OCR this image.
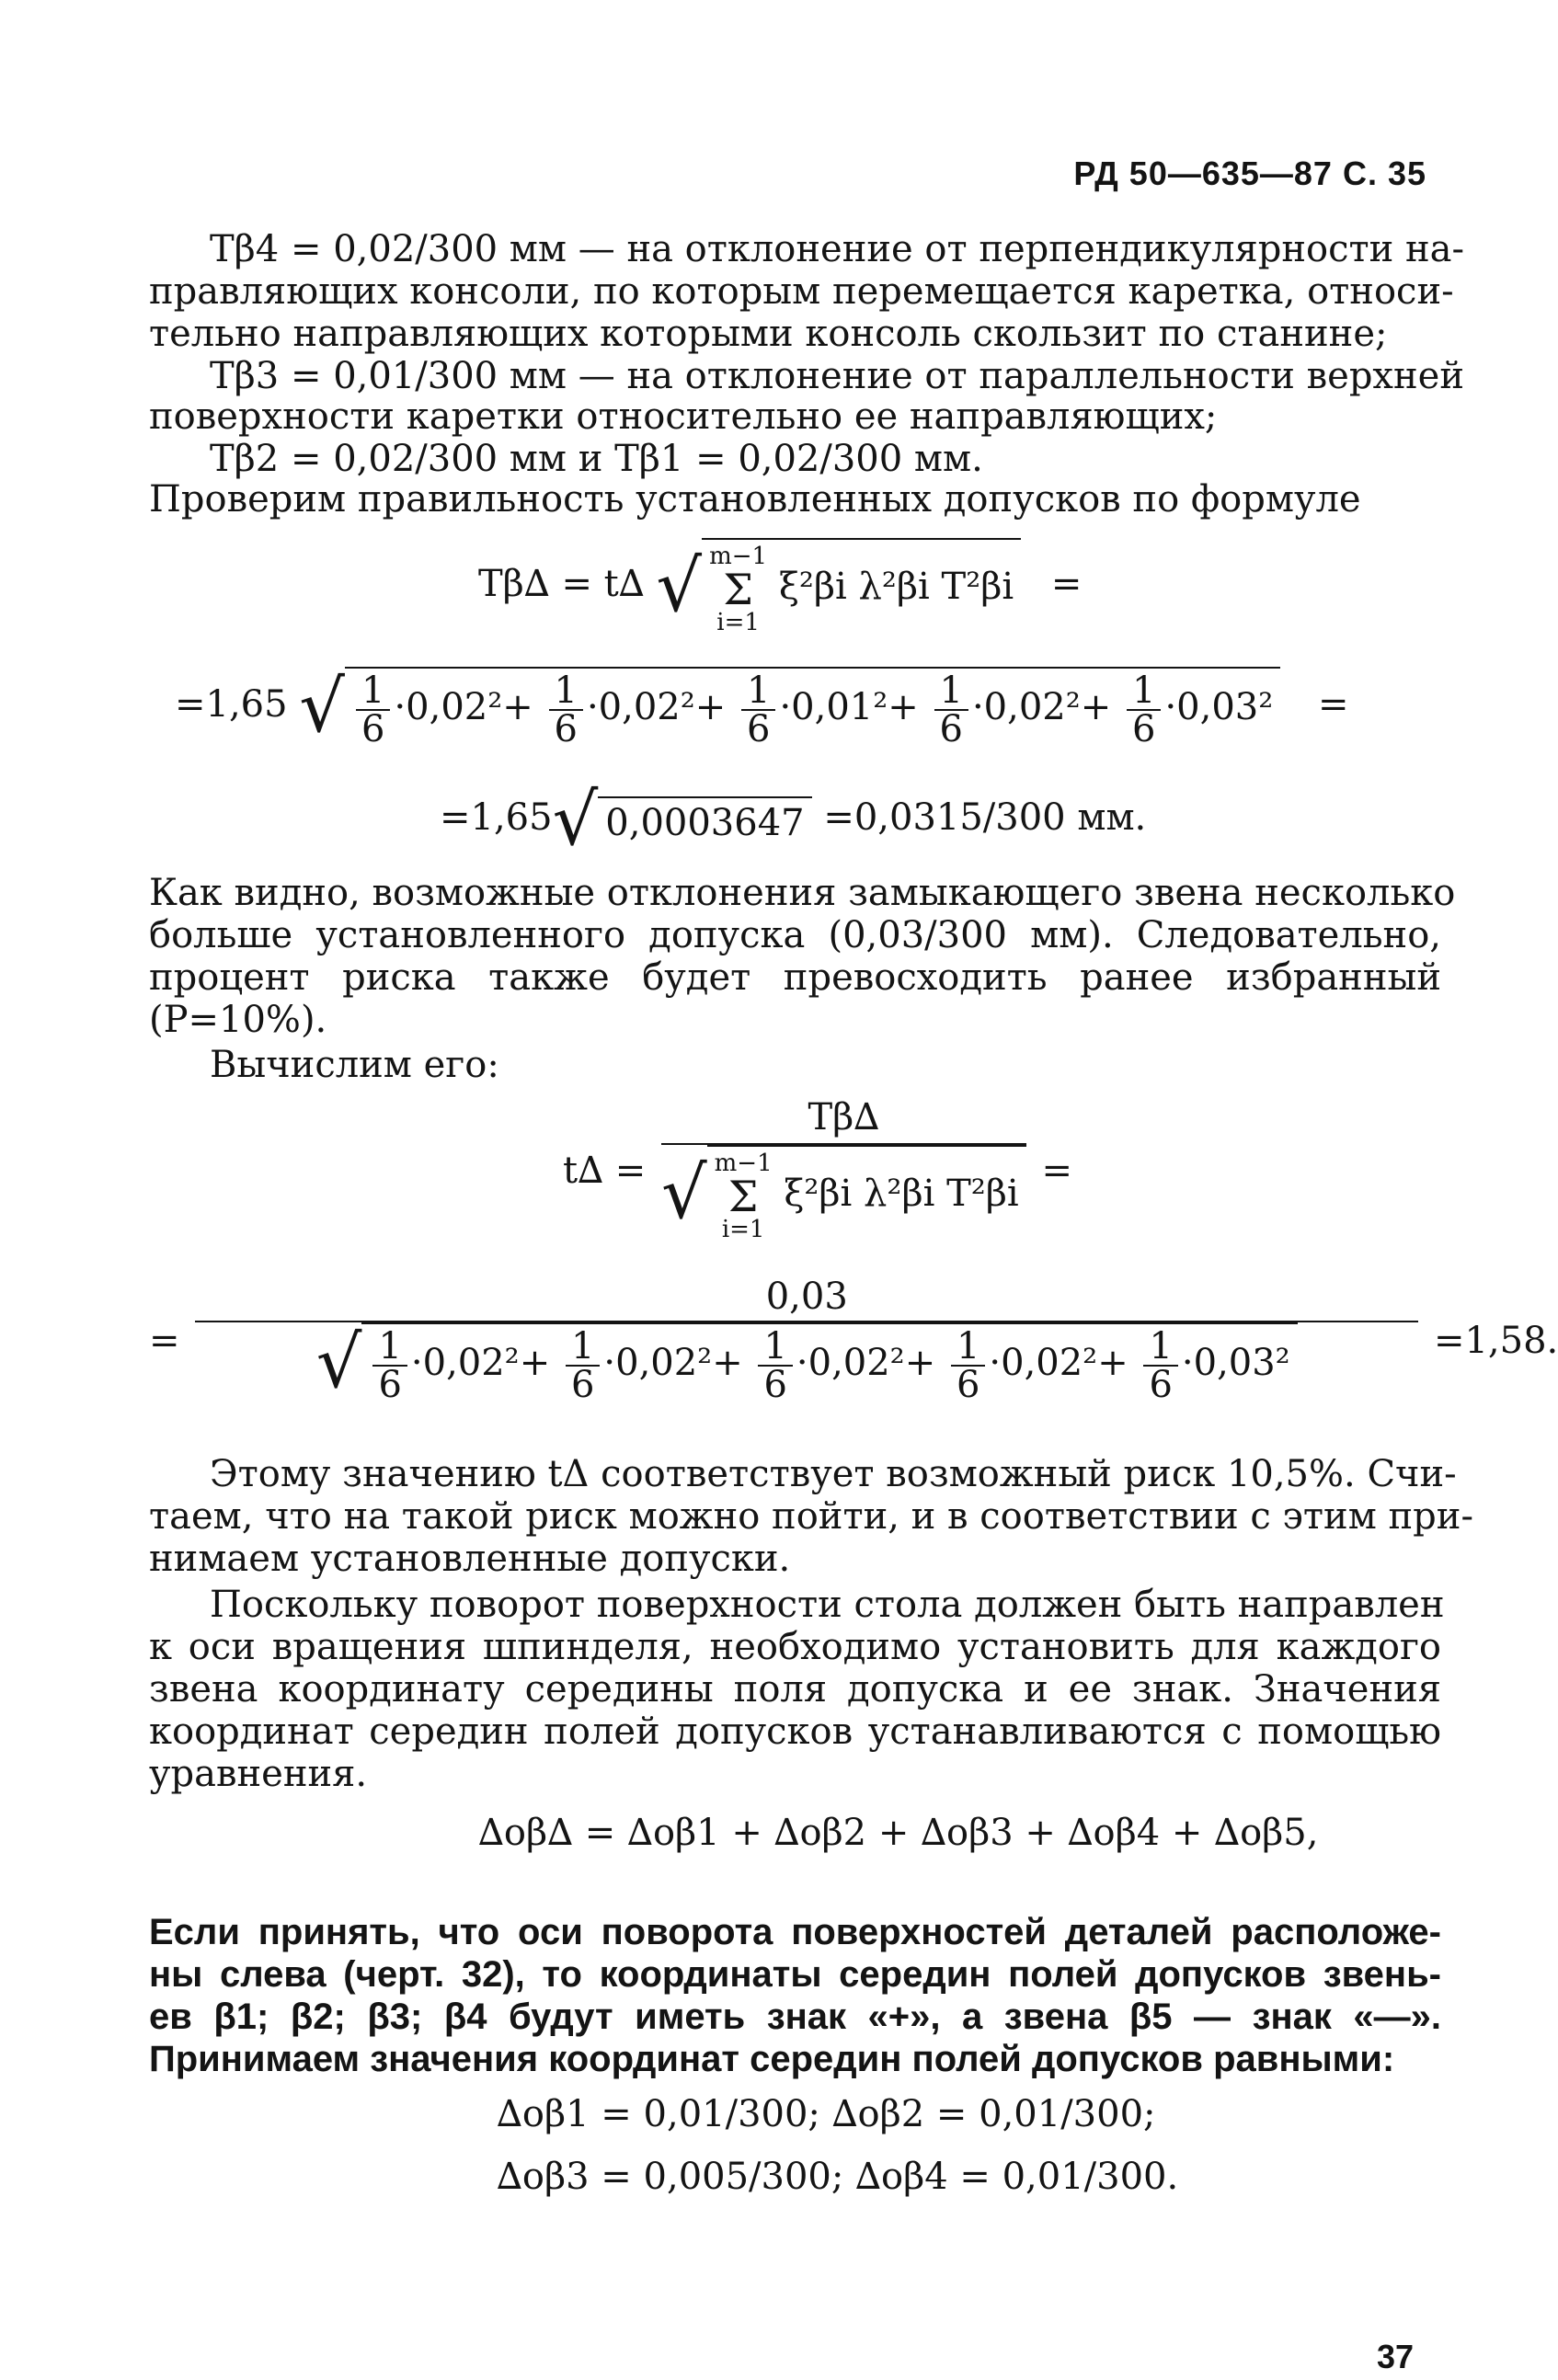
РД 50—635—87 С. 35
Tβ4 = 0,02/300 мм — на отклонение от перпендикулярности на-
правляющих консоли, по которым перемещается каретка, относи-
тельно направляющих которыми консоль скользит по станине;
Tβ3 = 0,01/300 мм — на отклонение от параллельности верхней
поверхности каретки относительно ее направляющих;
Tβ2 = 0,02/300 мм и Tβ1 = 0,02/300 мм.
Проверим правильность установленных допусков по формуле
Tβ∆ = t∆ √ m−1
Σ
i=1
ξ²βi λ²βi T²βi =
=1,65 √ $\frac{1}{6} \cdot 0,02^2+ \frac{1}{6} \cdot 0,02^2+ \frac{1}{6} \cdot 0,01^2+ \frac{1}{6} \cdot 0,02^2+ \frac{1}{6} \cdot 0,03^2$ =
=1,65√ 0,0003647 =0,0315/300 мм.
Как видно, возможные отклонения замыкающего звена несколько
больше установленного допуска (0,03/300 мм). Следовательно,
процент риска также будет превосходить ранее избранный
(P=10%).
Вычислим его:
t∆ =
Tβ∆
√ m−1
Σ
i=1
ξ²βi λ²βi T²βi
=
=
0,03
√ $\frac{1}{6} \cdot 0,02^2+ \frac{1}{6} \cdot 0,02^2+ \frac{1}{6} \cdot 0,02^2+ \frac{1}{6} \cdot 0,02^2+ \frac{1}{6} \cdot 0,03^2$
=1,58.
Этому значению tΔ соответствует возможный риск 10,5%. Счи-
таем, что на такой риск можно пойти, и в соответствии с этим при-
нимаем установленные допуски.
Поскольку поворот поверхности стола должен быть направлен
к оси вращения шпинделя, необходимо установить для каждого
звена координату середины поля допуска и ее знак. Значения
координат середин полей допусков устанавливаются с помощью
уравнения.
∆oβ∆ = ∆oβ1 + ∆oβ2 + ∆oβ3 + ∆oβ4 + ∆oβ5,
Если принять, что оси поворота поверхностей деталей расположе-
ны слева (черт. 32), то координаты середин полей допусков звень-
ев β1; β2; β3; β4 будут иметь знак «+», а звена β5 — знак «—».
Принимаем значения координат середин полей допусков равными:
∆oβ1 = 0,01/300; ∆oβ2 = 0,01/300;
∆oβ3 = 0,005/300; ∆oβ4 = 0,01/300.
37
